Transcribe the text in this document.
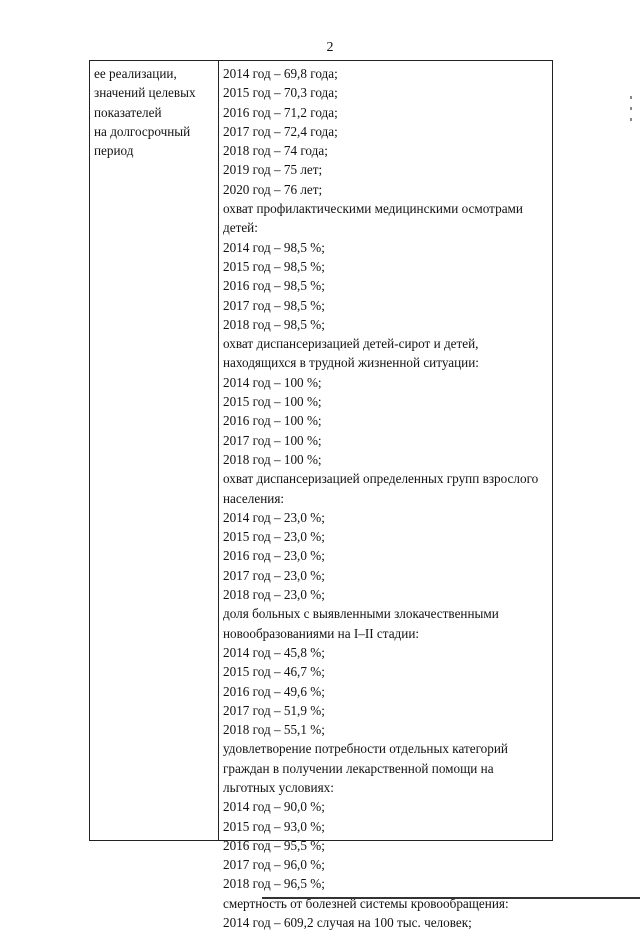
2
ее реализации,
значений целевых
показателей
на долгосрочный
период
2014 год – 69,8 года;
2015 год – 70,3 года;
2016 год – 71,2 года;
2017 год – 72,4 года;
2018 год – 74 года;
2019 год – 75 лет;
2020 год – 76 лет;
охват профилактическими медицинскими осмотрами
детей:
2014 год – 98,5 %;
2015 год – 98,5 %;
2016 год – 98,5 %;
2017 год – 98,5 %;
2018 год – 98,5 %;
охват диспансеризацией детей-сирот и детей,
находящихся в трудной жизненной ситуации:
2014 год – 100 %;
2015 год – 100 %;
2016 год – 100 %;
2017 год – 100 %;
2018 год – 100 %;
охват диспансеризацией определенных групп взрослого
населения:
2014 год – 23,0 %;
2015 год – 23,0 %;
2016 год – 23,0 %;
2017 год – 23,0 %;
2018 год – 23,0 %;
доля больных с выявленными злокачественными
новообразованиями на I–II стадии:
2014 год – 45,8 %;
2015 год – 46,7 %;
2016 год – 49,6 %;
2017 год – 51,9 %;
2018 год – 55,1 %;
удовлетворение потребности отдельных категорий
граждан в получении лекарственной помощи на
льготных условиях:
2014 год – 90,0 %;
2015 год – 93,0 %;
2016 год – 95,5 %;
2017 год – 96,0 %;
2018 год – 96,5 %;
смертность от болезней системы кровообращения:
2014 год – 609,2 случая на 100 тыс. человек;
